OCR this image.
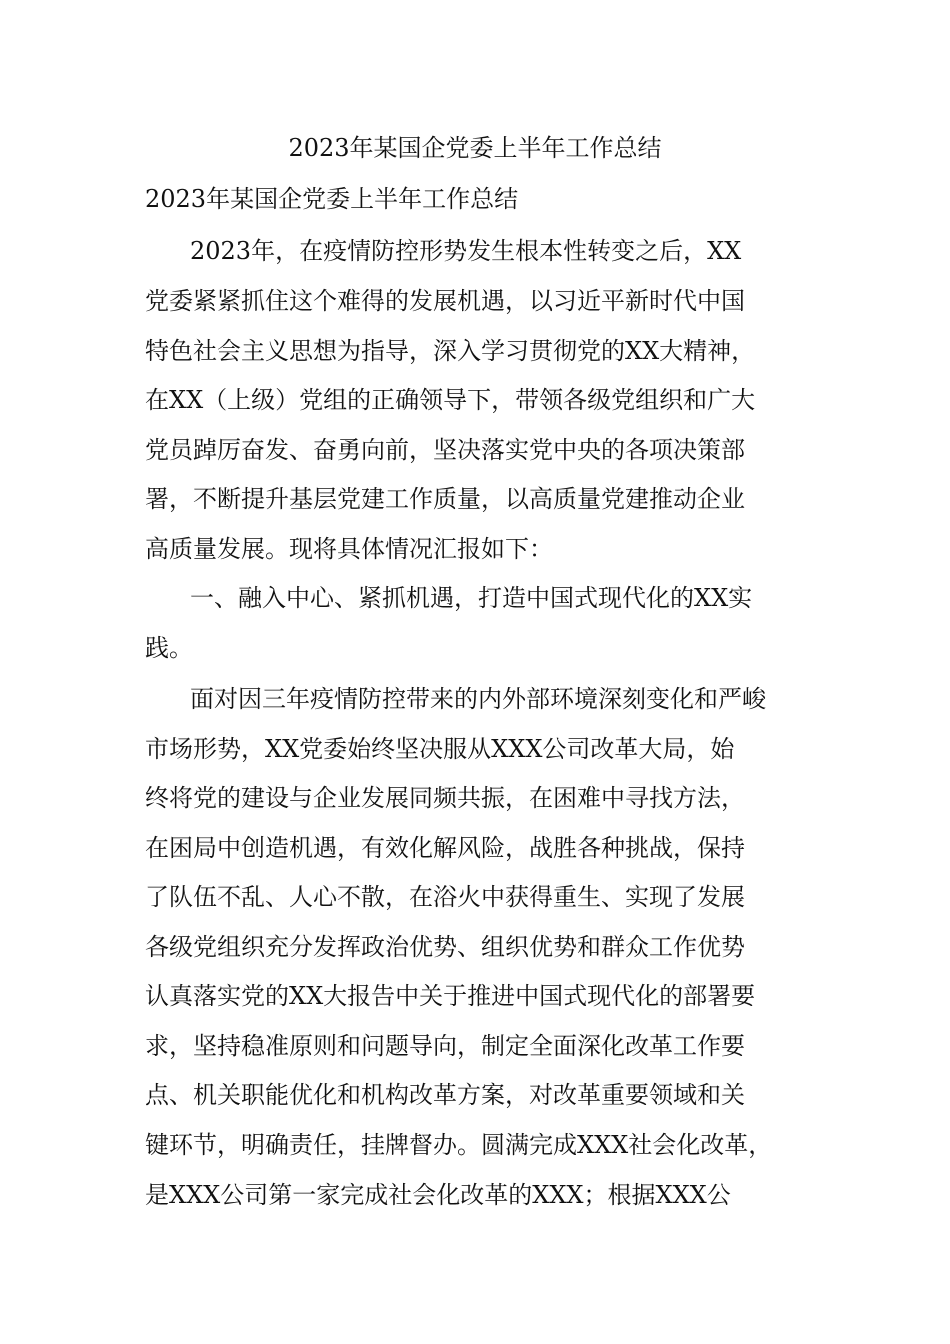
2023年某国企党委上半年工作总结
2023年某国企党委上半年工作总结
2023年，在疫情防控形势发生根本性转变之后，XX
党委紧紧抓住这个难得的发展机遇，以习近平新时代中国
特色社会主义思想为指导，深入学习贯彻党的XX大精神，
在XX（上级）党组的正确领导下，带领各级党组织和广大
党员踔厉奋发、奋勇向前，坚决落实党中央的各项决策部
署，不断提升基层党建工作质量，以高质量党建推动企业
高质量发展。现将具体情况汇报如下：
一、融入中心、紧抓机遇，打造中国式现代化的XX实
践。
面对因三年疫情防控带来的内外部环境深刻变化和严峻
市场形势，XX党委始终坚决服从XXX公司改革大局，始
终将党的建设与企业发展同频共振，在困难中寻找方法，
在困局中创造机遇，有效化解风险，战胜各种挑战，保持
了队伍不乱、人心不散，在浴火中获得重生、实现了发展
各级党组织充分发挥政治优势、组织优势和群众工作优势
认真落实党的XX大报告中关于推进中国式现代化的部署要
求，坚持稳准原则和问题导向，制定全面深化改革工作要
点、机关职能优化和机构改革方案，对改革重要领域和关
键环节，明确责任，挂牌督办。圆满完成XXX社会化改革，
是XXX公司第一家完成社会化改革的XXX；根据XXX公
